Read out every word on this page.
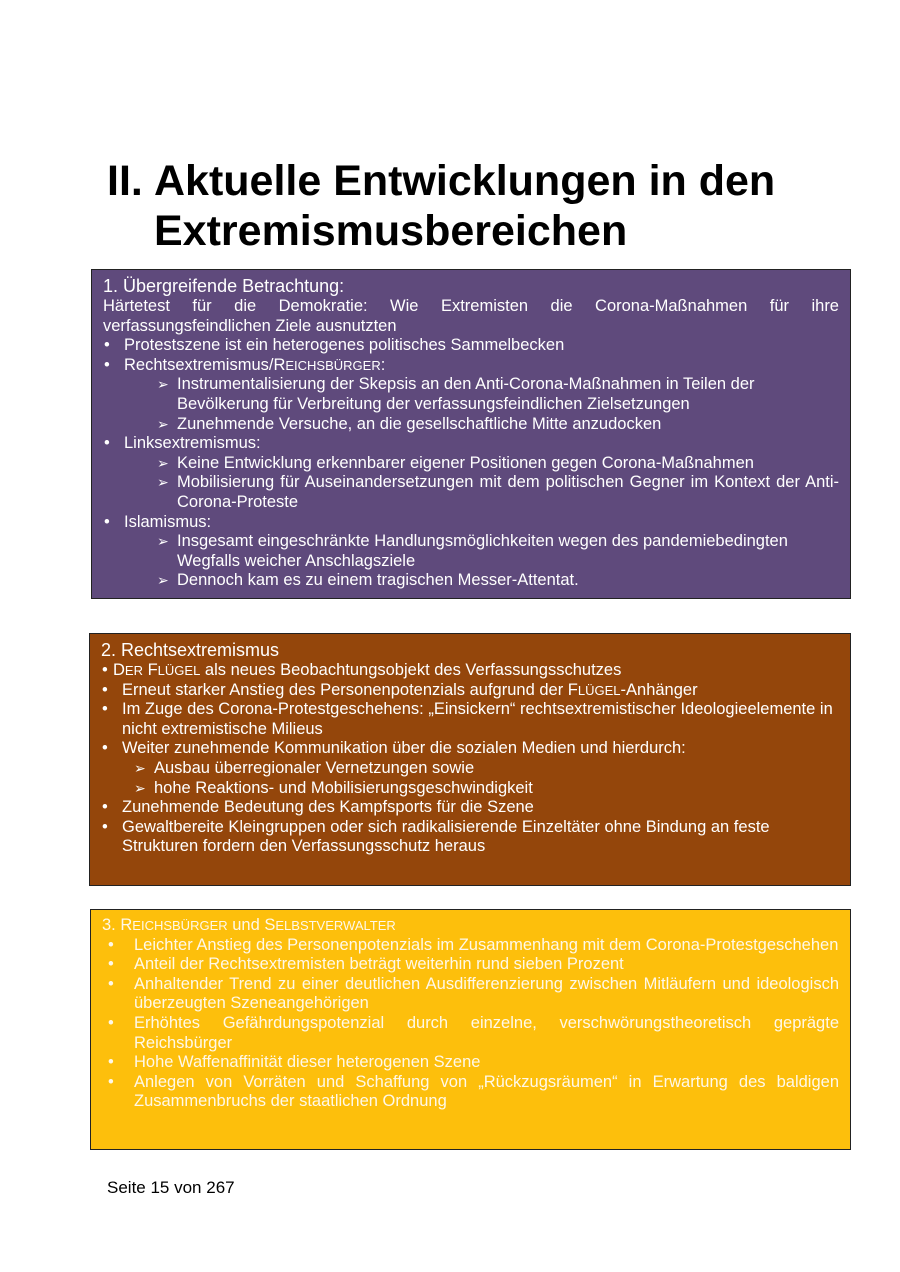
II. Aktuelle Entwicklungen in den
Extremismusbereichen
1. Übergreifende Betrachtung:
Härtetest für die Demokratie: Wie Extremisten die Corona-Maßnahmen für ihre verfassungsfeindlichen Ziele ausnutzten
• Protestszene ist ein heterogenes politisches Sammelbecken
• Rechtsextremismus/REICHSBÜRGER:
➢ Instrumentalisierung der Skepsis an den Anti-Corona-Maßnahmen in Teilen der Bevölkerung für Verbreitung der verfassungsfeindlichen Zielsetzungen
➢ Zunehmende Versuche, an die gesellschaftliche Mitte anzudocken
• Linksextremismus:
➢ Keine Entwicklung erkennbarer eigener Positionen gegen Corona-Maßnahmen
➢ Mobilisierung für Auseinandersetzungen mit dem politischen Gegner im Kontext der Anti-Corona-Proteste
• Islamismus:
➢ Insgesamt eingeschränkte Handlungsmöglichkeiten wegen des pandemiebedingten Wegfalls weicher Anschlagsziele
➢ Dennoch kam es zu einem tragischen Messer-Attentat.
2. Rechtsextremismus
• DER FLÜGEL als neues Beobachtungsobjekt des Verfassungsschutzes
• Erneut starker Anstieg des Personenpotenzials aufgrund der FLÜGEL-Anhänger
• Im Zuge des Corona-Protestgeschehens: „Einsickern“ rechtsextremistischer Ideologieelemente in nicht extremistische Milieus
• Weiter zunehmende Kommunikation über die sozialen Medien und hierdurch:
➢ Ausbau überregionaler Vernetzungen sowie
➢ hohe Reaktions- und Mobilisierungsgeschwindigkeit
• Zunehmende Bedeutung des Kampfsports für die Szene
• Gewaltbereite Kleingruppen oder sich radikalisierende Einzeltäter ohne Bindung an feste Strukturen fordern den Verfassungsschutz heraus
3. REICHSBÜRGER und SELBSTVERWALTER
• Leichter Anstieg des Personenpotenzials im Zusammenhang mit dem Corona-Protestgeschehen
• Anteil der Rechtsextremisten beträgt weiterhin rund sieben Prozent
• Anhaltender Trend zu einer deutlichen Ausdifferenzierung zwischen Mitläufern und ideologisch überzeugten Szeneangehörigen
• Erhöhtes Gefährdungspotenzial durch einzelne, verschwörungstheoretisch geprägte Reichsbürger
• Hohe Waffenaffinität dieser heterogenen Szene
• Anlegen von Vorräten und Schaffung von „Rückzugsräumen“ in Erwartung des baldigen Zusammenbruchs der staatlichen Ordnung
Seite 15 von 267
